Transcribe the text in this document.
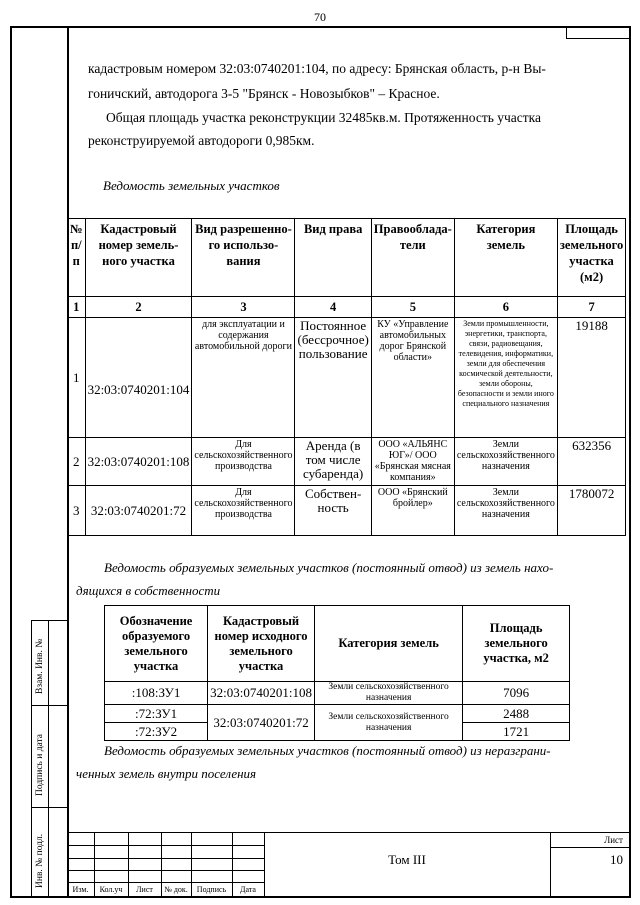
70
кадастровым номером 32:03:0740201:104, по адресу: Брянская область, р-н Вы-
гоничский, автодорога 3-5 "Брянск - Новозыбков" – Красное.
Общая площадь участка реконструкции 32485кв.м. Протяженность участка
реконструируемой автодороги 0,985км.
Ведомость земельных участков
№ п/п	Кадастровый номер земель-ного участка	Вид разрешенно-го использо-вания	Вид права	Правооблада-тели	Категория земель	Площадь земельного участка (м2)
1	2	3	4	5	6	7
1	32:03:0740201:104	для эксплуатации и содержания автомобильной дороги	Постоянное (бессрочное) пользование	КУ «Управление автомобильных дорог Брянской области»	Земли промышленности, энергетики, транспорта, связи, радиовещания, телевидения, информатики, земли для обеспечения космической деятельности, земли обороны, безопасности и земли иного специального назначения	19188
2	32:03:0740201:108	Для сельскохозяйственного производства	Аренда (в том числе субаренда)	ООО «АЛЬЯНС ЮГ»/ ООО «Брянская мясная компания»	Земли сельскохозяйственного назначения	632356
3	32:03:0740201:72	Для сельскохозяйственного производства	Собствен-ность	ООО «Брянский бройлер»	Земли сельскохозяйственного назначения	1780072
Ведомость образуемых земельных участков (постоянный отвод) из земель нахо-
дящихся в собственности
Обозначение образуемого земельного участка	Кадастровый номер исходного земельного участка	Категория земель	Площадь земельного участка, м2
:108:ЗУ1	32:03:0740201:108	Земли сельскохозяйственного назначения	7096
:72:ЗУ1	32:03:0740201:72	Земли сельскохозяйственного назначения	2488
:72:ЗУ2			1721
Ведомость образуемых земельных участков (постоянный отвод) из неразграни-
ченных земель внутри поселения
Взам. Инв. №
Подпись и дата
Инв. № подл.
Изм.	Кол.уч	Лист	№ док.	Подпись	Дата
Том III
Лист
10
